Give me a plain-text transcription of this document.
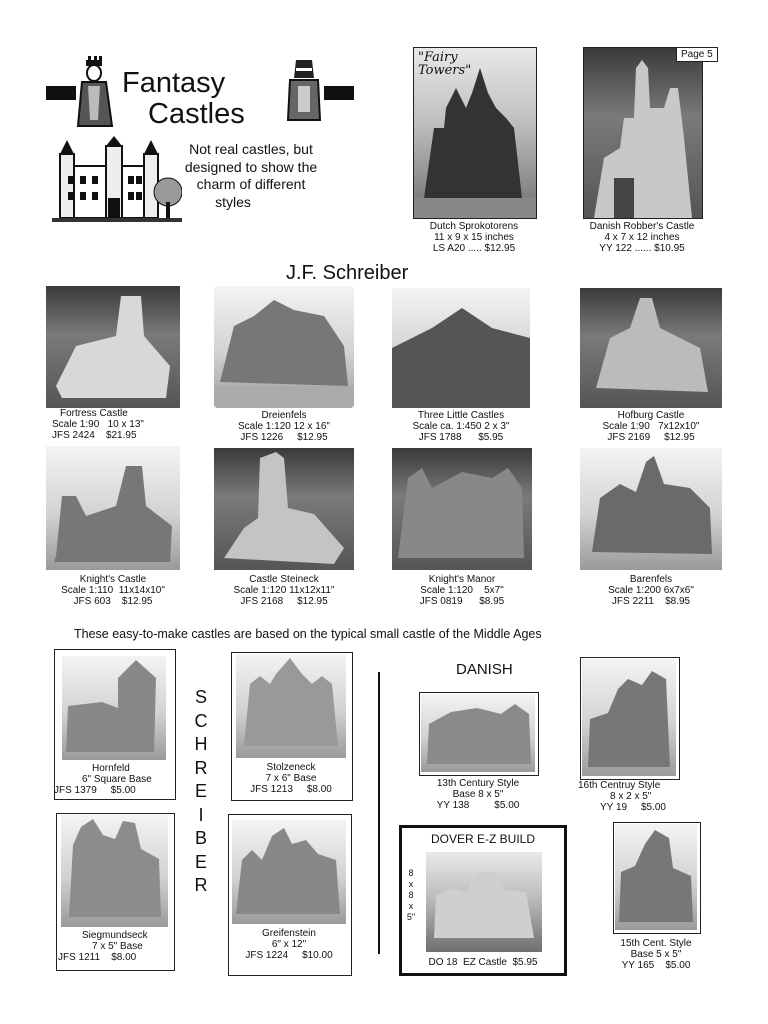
Fantasy
Castles
Not real castles, but
designed to show the
charm of different
styles
"Fairy
Towers"
Dutch Sprokotorens
11 x 9 x 15 inches
LS A20 ..... $12.95
Page 5
Danish Robber's Castle
4 x 7 x 12 inches
YY 122 ...... $10.95
J.F. Schreiber
Fortress Castle
Scale 1:90 10 x 13"
JFS 2424 $21.95
Dreienfels
Scale 1:120 12 x 16"
JFS 1226 $12.95
Three Little Castles
Scale ca. 1:450 2 x 3"
JFS 1788 $5.95
Hofburg Castle
Scale 1:90 7x12x10"
JFS 2169 $12.95
Knight's Castle
Scale 1:110 11x14x10"
JFS 603 $12.95
Castle Steineck
Scale 1:120 11x12x11"
JFS 2168 $12.95
Knight's Manor
Scale 1:120 5x7"
JFS 0819 $8.95
Barenfels
Scale 1:200 6x7x6"
JFS 2211 $8.95
These easy-to-make castles are based on the typical small castle of the Middle Ages
Hornfeld
6" Square Base
JFS 1379 $5.00
Stolzeneck
7 x 6" Base
JFS 1213 $8.00
S
C
H
R
E
I
B
E
R
Siegmundseck
7 x 5" Base
JFS 1211 $8.00
Greifenstein
6" x 12"
JFS 1224 $10.00
DANISH
13th Century Style
Base 8 x 5"
YY 138	$5.00
16th Centruy Style
8 x 2 x 5"
YY 19 $5.00
15th Cent. Style
Base 5 x 5"
YY 165 $5.00
DOVER E-Z BUILD
8
x
8
x
5"
DO 18 EZ Castle $5.95
